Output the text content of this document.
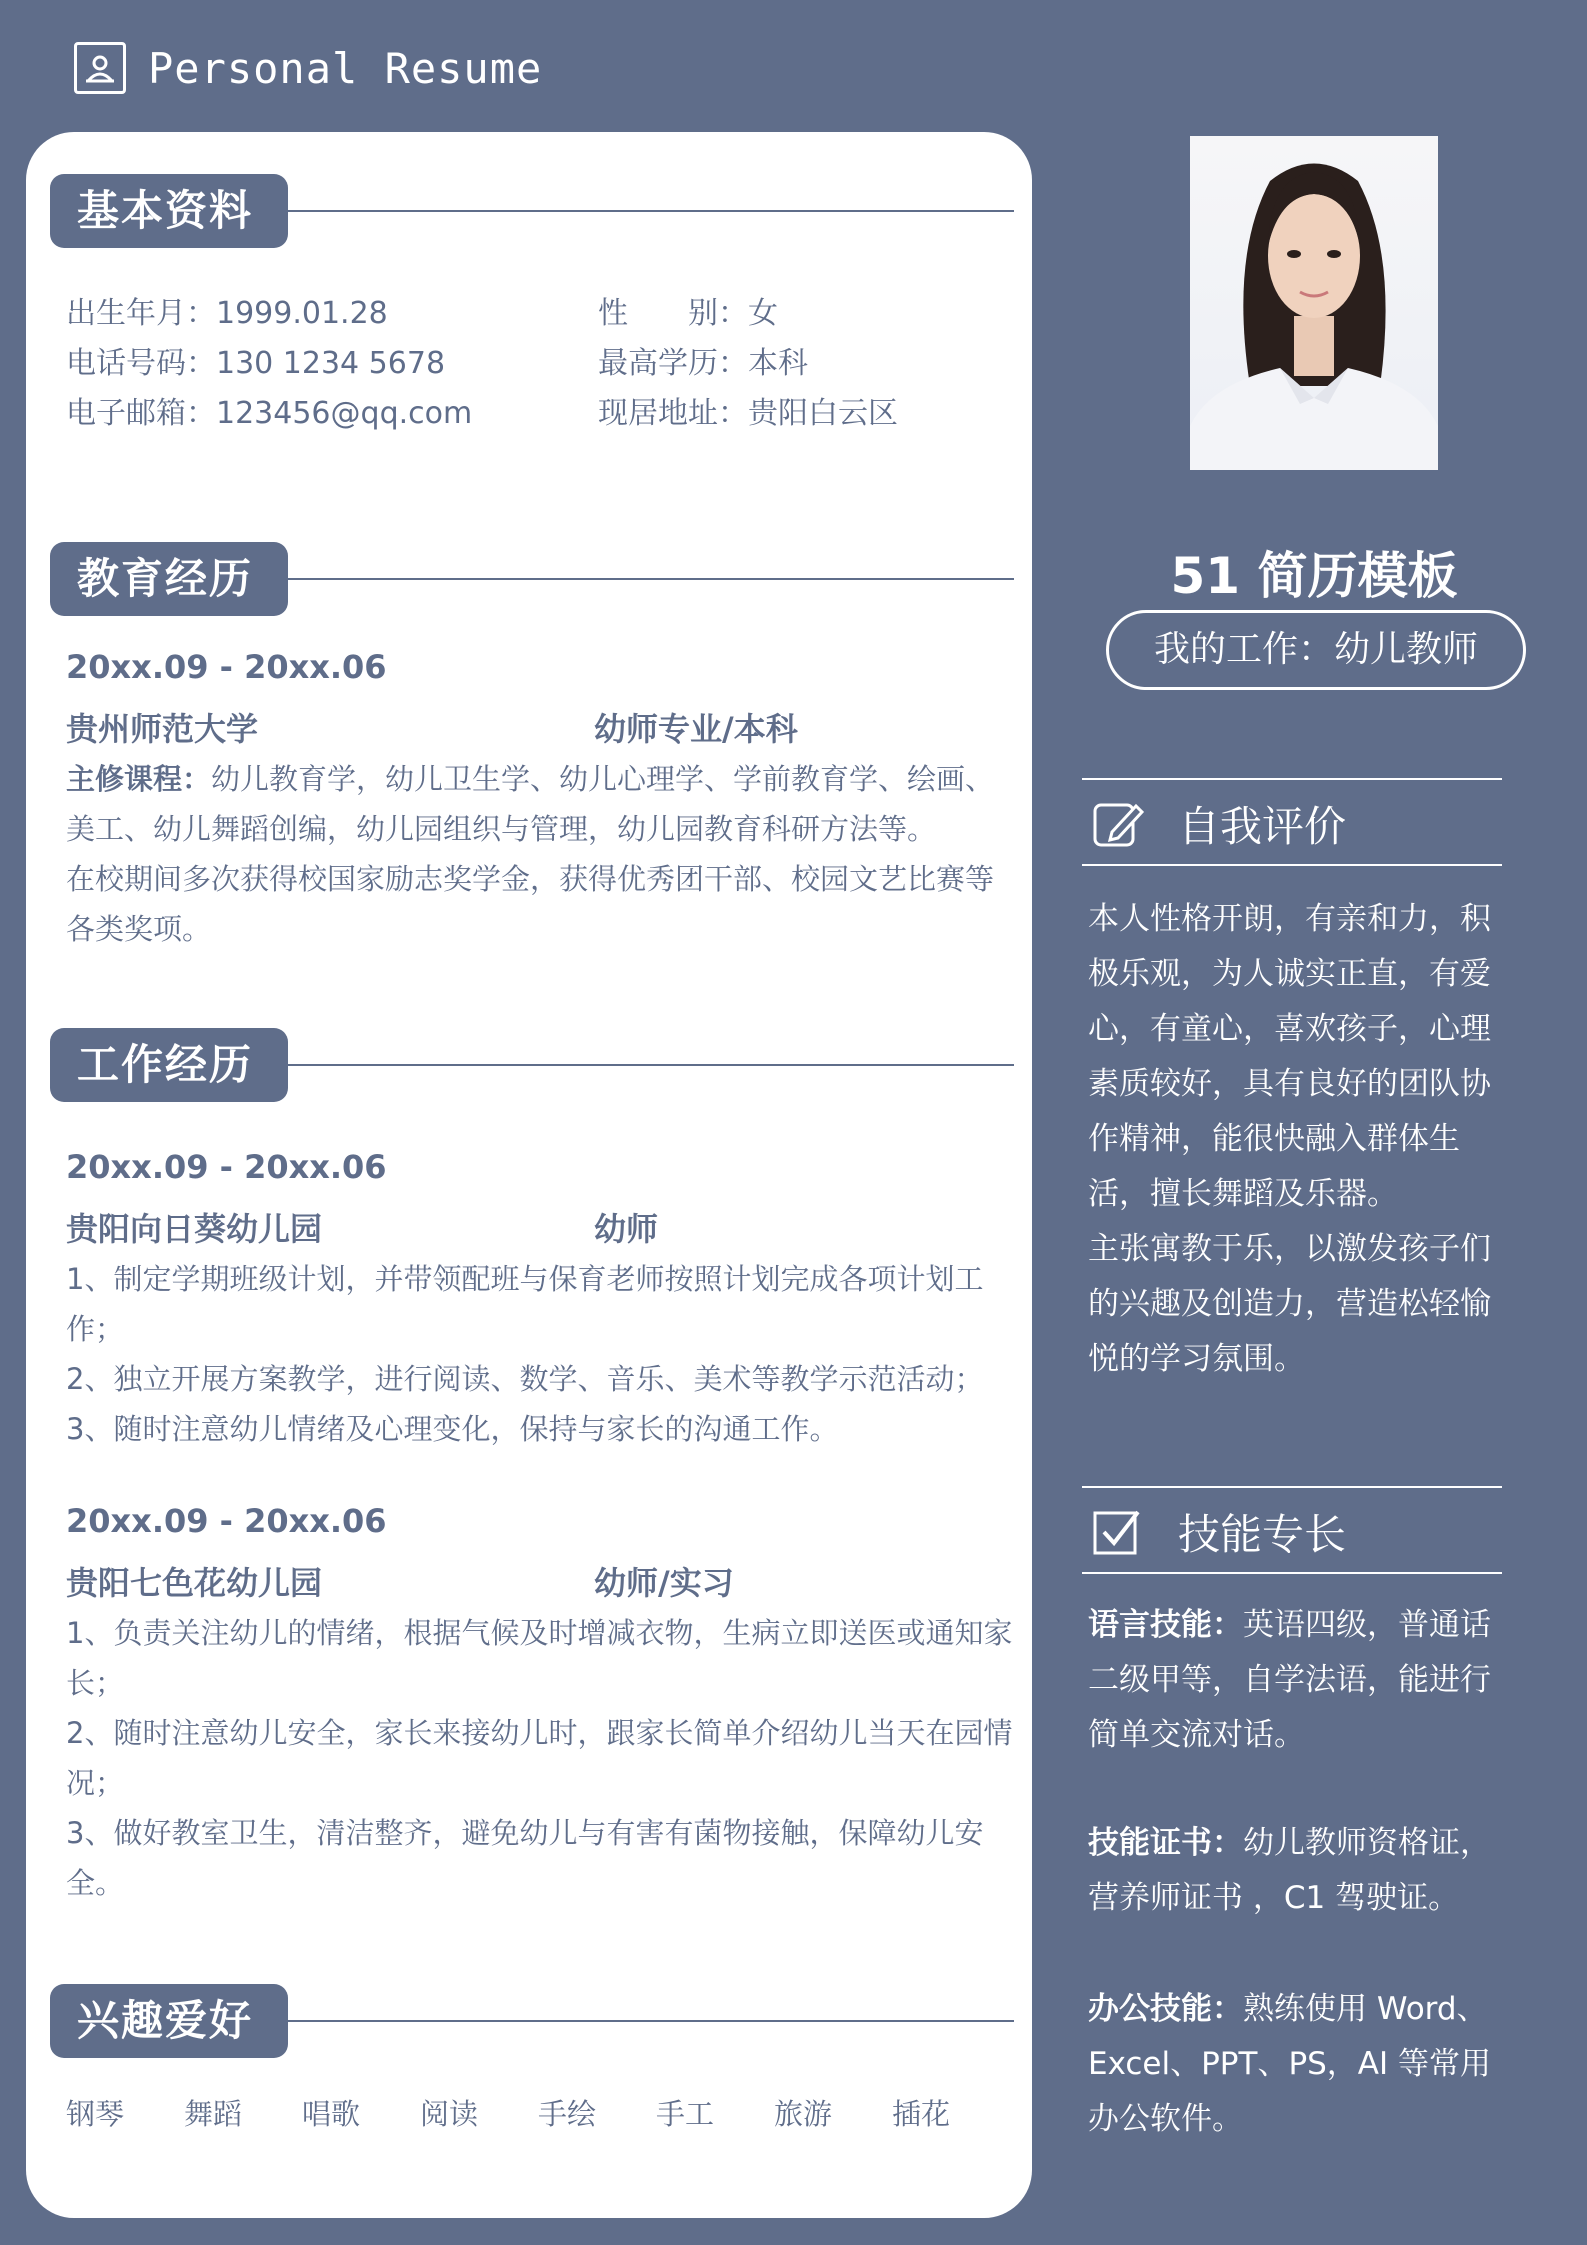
Personal Resume
基本资料
出生年月：1999.01.28	性　　别：女
电话号码：130 1234 5678	最高学历：本科
电子邮箱：123456@qq.com	现居地址：贵阳白云区
教育经历
20xx.09 - 20xx.06
贵州师范大学	幼师专业/本科
主修课程：幼儿教育学，幼儿卫生学、幼儿心理学、学前教育学、绘画、美工、幼儿舞蹈创编，幼儿园组织与管理，幼儿园教育科研方法等。
在校期间多次获得校国家励志奖学金，获得优秀团干部、校园文艺比赛等各类奖项。
工作经历
20xx.09 - 20xx.06
贵阳向日葵幼儿园	幼师
1、制定学期班级计划，并带领配班与保育老师按照计划完成各项计划工作；
2、独立开展方案教学，进行阅读、数学、音乐、美术等教学示范活动；
3、随时注意幼儿情绪及心理变化，保持与家长的沟通工作。
20xx.09 - 20xx.06
贵阳七色花幼儿园	幼师/实习
1、负责关注幼儿的情绪，根据气候及时增减衣物，生病立即送医或通知家长；
2、随时注意幼儿安全，家长来接幼儿时，跟家长简单介绍幼儿当天在园情况；
3、做好教室卫生，清洁整齐，避免幼儿与有害有菌物接触，保障幼儿安全。
兴趣爱好
钢琴	舞蹈	唱歌	阅读	手绘	手工	旅游	插花
51 简历模板
我的工作：幼儿教师
自我评价
本人性格开朗，有亲和力，积极乐观，为人诚实正直，有爱心，有童心，喜欢孩子，心理素质较好，具有良好的团队协作精神，能很快融入群体生活，擅长舞蹈及乐器。
主张寓教于乐，以激发孩子们的兴趣及创造力，营造松轻愉悦的学习氛围。
技能专长
语言技能：英语四级，普通话二级甲等，自学法语，能进行简单交流对话。
技能证书：幼儿教师资格证，营养师证书 ，C1 驾驶证。
办公技能：熟练使用 Word、Excel、PPT、PS，AI 等常用办公软件。
